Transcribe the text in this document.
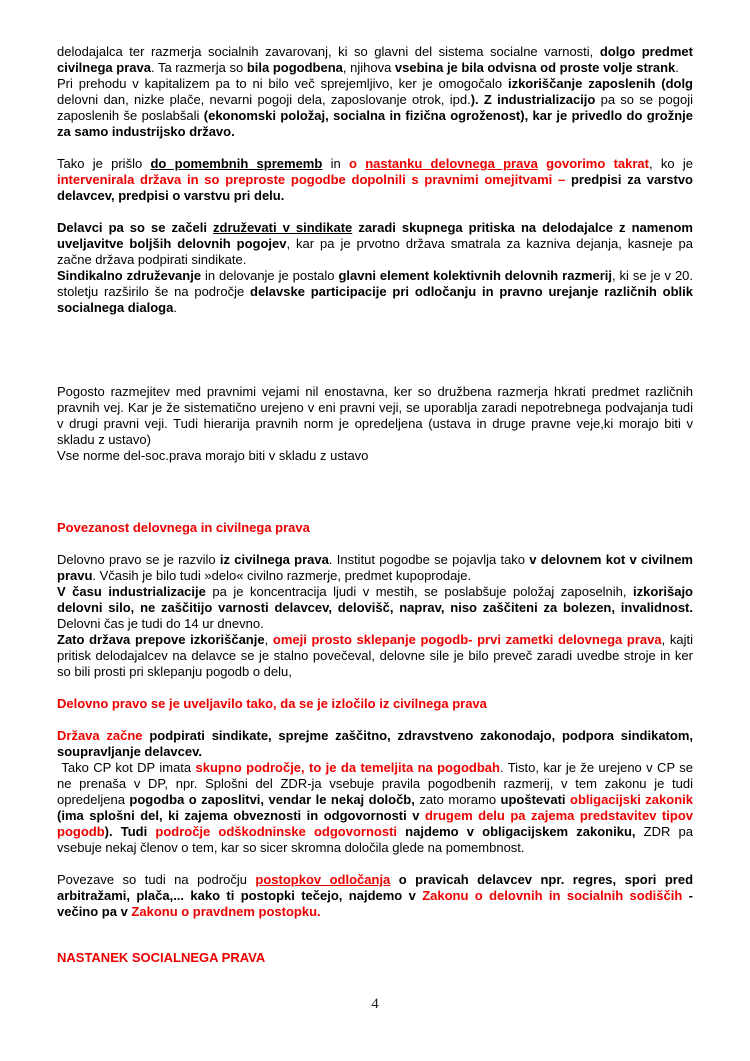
delodajalca ter razmerja socialnih zavarovanj, ki so glavni del sistema socialne varnosti, dolgo predmet civilnega prava. Ta razmerja so bila pogodbena, njihova vsebina je bila odvisna od proste volje strank.

Pri prehodu v kapitalizem pa to ni bilo več sprejemljivo, ker je omogočalo izkoriščanje zaposlenih (dolg delovni dan, nizke plače, nevarni pogoji dela, zaposlovanje otrok, ipd.). Z industrializacijo pa so se pogoji zaposlenih še poslabšali (ekonomski položaj, socialna in fizična ogroženost), kar je privedlo do grožnje za samo industrijsko državo.

Tako je prišlo do pomembnih sprememb in o nastanku delovnega prava govorimo takrat, ko je intervenirala država in so preproste pogodbe dopolnili s pravnimi omejitvami – predpisi za varstvo delavcev, predpisi o varstvu pri delu.

Delavci pa so se začeli združevati v sindikate zaradi skupnega pritiska na delodajalce z namenom uveljavitve boljših delovnih pogojev, kar pa je prvotno država smatrala za kazniva dejanja, kasneje pa začne država podpirati sindikate.

Sindikalno združevanje in delovanje je postalo glavni element kolektivnih delovnih razmerij, ki se je v 20. stoletju razširilo še na področje delavske participacije pri odločanju in pravno urejanje različnih oblik socialnega dialoga.

Pogosto razmejitev med pravnimi vejami nil enostavna, ker so družbena razmerja hkrati predmet različnih pravnih vej. Kar je že sistematično urejeno v eni pravni veji, se uporablja zaradi nepotrebnega podvajanja tudi v drugi pravni veji. Tudi hierarija pravnih norm je opredeljena (ustava in druge pravne veje,ki morajo biti v skladu z ustavo)

Vse norme del-soc.prava morajo biti v skladu z ustavo

Povezanost delovnega in civilnega prava

Delovno pravo se je razvilo iz civilnega prava. Institut pogodbe se pojavlja tako v delovnem kot v civilnem pravu. Včasih je bilo tudi »delo« civilno razmerje, predmet kupoprodaje.

V času industrializacije pa je koncentracija ljudi v mestih, se poslabšuje položaj zaposelnih, izkorišajo delovni silo, ne zaščitijo varnosti delavcev, delovišč, naprav, niso zaščiteni za bolezen, invalidnost. Delovni čas je tudi do 14 ur dnevno.

Zato država prepove izkoriščanje, omeji prosto sklepanje pogodb- prvi zametki delovnega prava, kajti pritisk delodajalcev na delavce se je stalno povečeval, delovne sile je bilo preveč zaradi uvedbe stroje in ker so bili prosti pri sklepanju pogodb o delu,

Delovno pravo se je uveljavilo tako, da se je izločilo iz civilnega prava

Država začne podpirati sindikate, sprejme zaščitno, zdravstveno zakonodajo, podpora sindikatom, soupravljanje delavcev.

Tako CP kot DP imata skupno področje, to je da temeljita na pogodbah. Tisto, kar je že urejeno v CP se ne prenaša v DP, npr. Splošni del ZDR-ja vsebuje pravila pogodbenih razmerij, v tem zakonu je tudi opredeljena pogodba o zaposlitvi, vendar le nekaj določb, zato moramo upoštevati obligacijski zakonik (ima splošni del, ki zajema obveznosti in odgovornosti v drugem delu pa zajema predstavitev tipov pogodb). Tudi področje odškodninske odgovornosti najdemo v obligacijskem zakoniku, ZDR pa vsebuje nekaj členov o tem, kar so sicer skromna določila glede na pomembnost.

Povezave so tudi na področju postopkov odločanja o pravicah delavcev npr. regres, spori pred arbitražami, plača,... kako ti postopki tečejo, najdemo v Zakonu o delovnih in socialnih sodiščih - večino pa v Zakonu o pravdnem postopku.

NASTANEK SOCIALNEGA PRAVA

4
